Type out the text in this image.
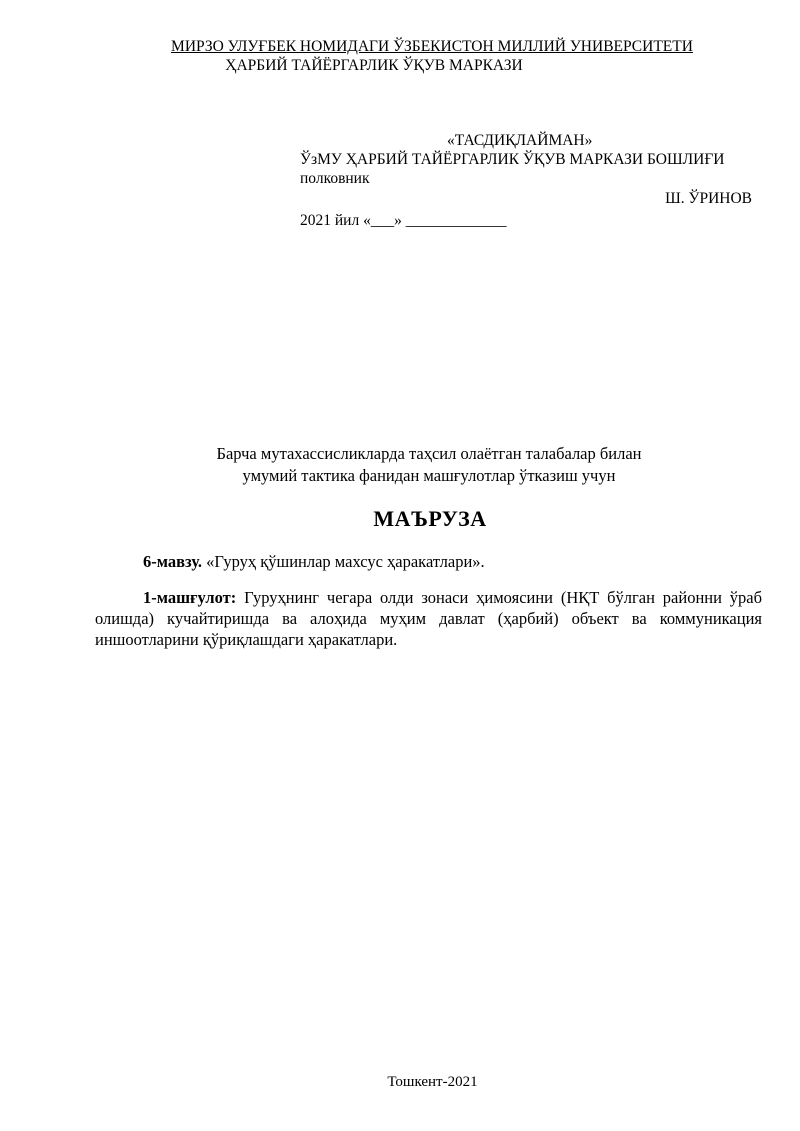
МИРЗО УЛУҒБЕК НОМИДАГИ ЎЗБЕКИСТОН МИЛЛИЙ УНИВЕРСИТЕТИ
ҲАРБИЙ ТАЙЁРГАРЛИК ЎҚУВ МАРКАЗИ
«ТАСДИҚЛАЙМАН»
ЎзМУ ҲАРБИЙ ТАЙЁРГАРЛИК ЎҚУВ МАРКАЗИ БОШЛИҒИ
полковник
Ш. ЎРИНОВ
2021 йил «___» _____________
Барча мутахассисликларда таҳсил олаётган талабалар билан
умумий тактика фанидан машғулотлар ўтказиш учун
МАЪРУЗА
6-мавзу. «Гуруҳ қўшинлар махсус ҳаракатлари».
1-машғулот: Гуруҳнинг чегара олди зонаси ҳимоясини (НҚТ бўлган районни ўраб олишда) кучайтиришда ва алоҳида муҳим давлат (ҳарбий) объект ва коммуникация иншоотларини қўриқлашдаги ҳаракатлари.
Тошкент-2021
